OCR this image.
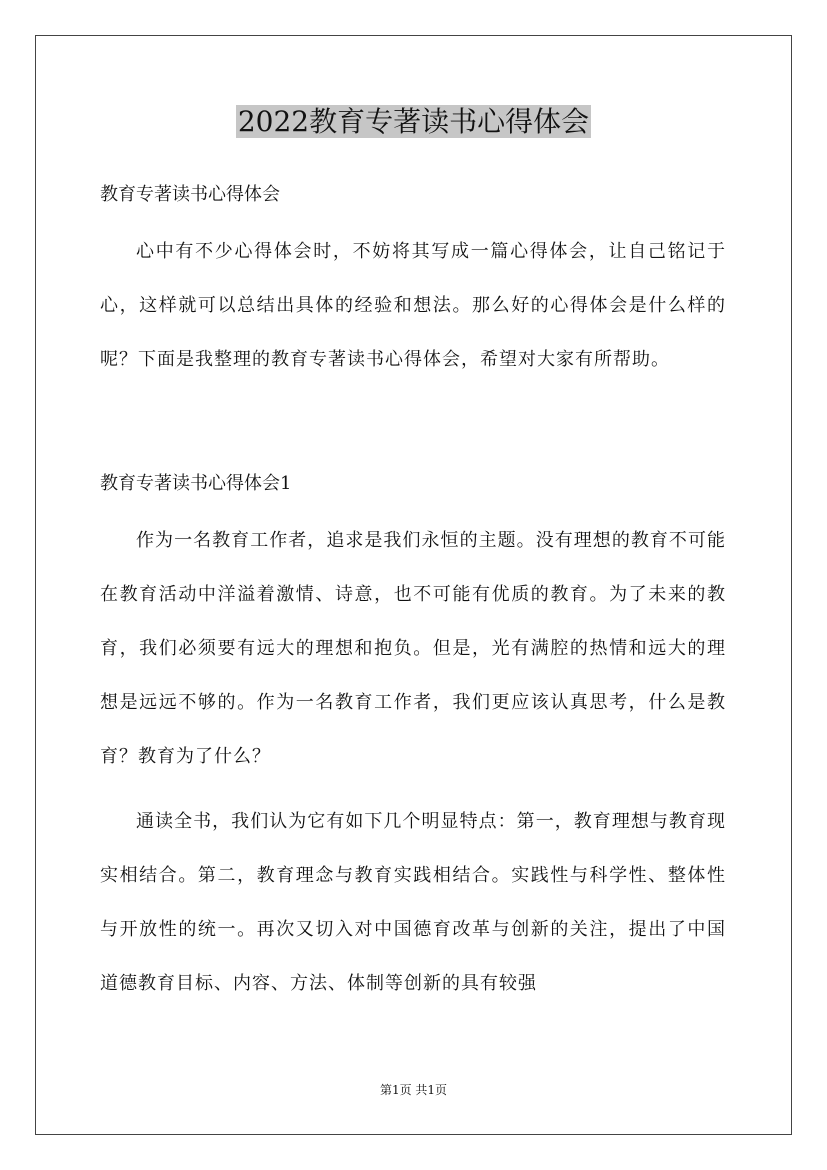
2022教育专著读书心得体会

教育专著读书心得体会

心中有不少心得体会时，不妨将其写成一篇心得体会，让自己铭记于心，这样就可以总结出具体的经验和想法。那么好的心得体会是什么样的呢？下面是我整理的教育专著读书心得体会，希望对大家有所帮助。

教育专著读书心得体会1

作为一名教育工作者，追求是我们永恒的主题。没有理想的教育不可能在教育活动中洋溢着激情、诗意，也不可能有优质的教育。为了未来的教育，我们必须要有远大的理想和抱负。但是，光有满腔的热情和远大的理想是远远不够的。作为一名教育工作者，我们更应该认真思考，什么是教育？教育为了什么？

通读全书，我们认为它有如下几个明显特点：第一，教育理想与教育现实相结合。第二，教育理念与教育实践相结合。实践性与科学性、整体性与开放性的统一。再次又切入对中国德育改革与创新的关注，提出了中国道德教育目标、内容、方法、体制等创新的具有较强

第1页 共1页
